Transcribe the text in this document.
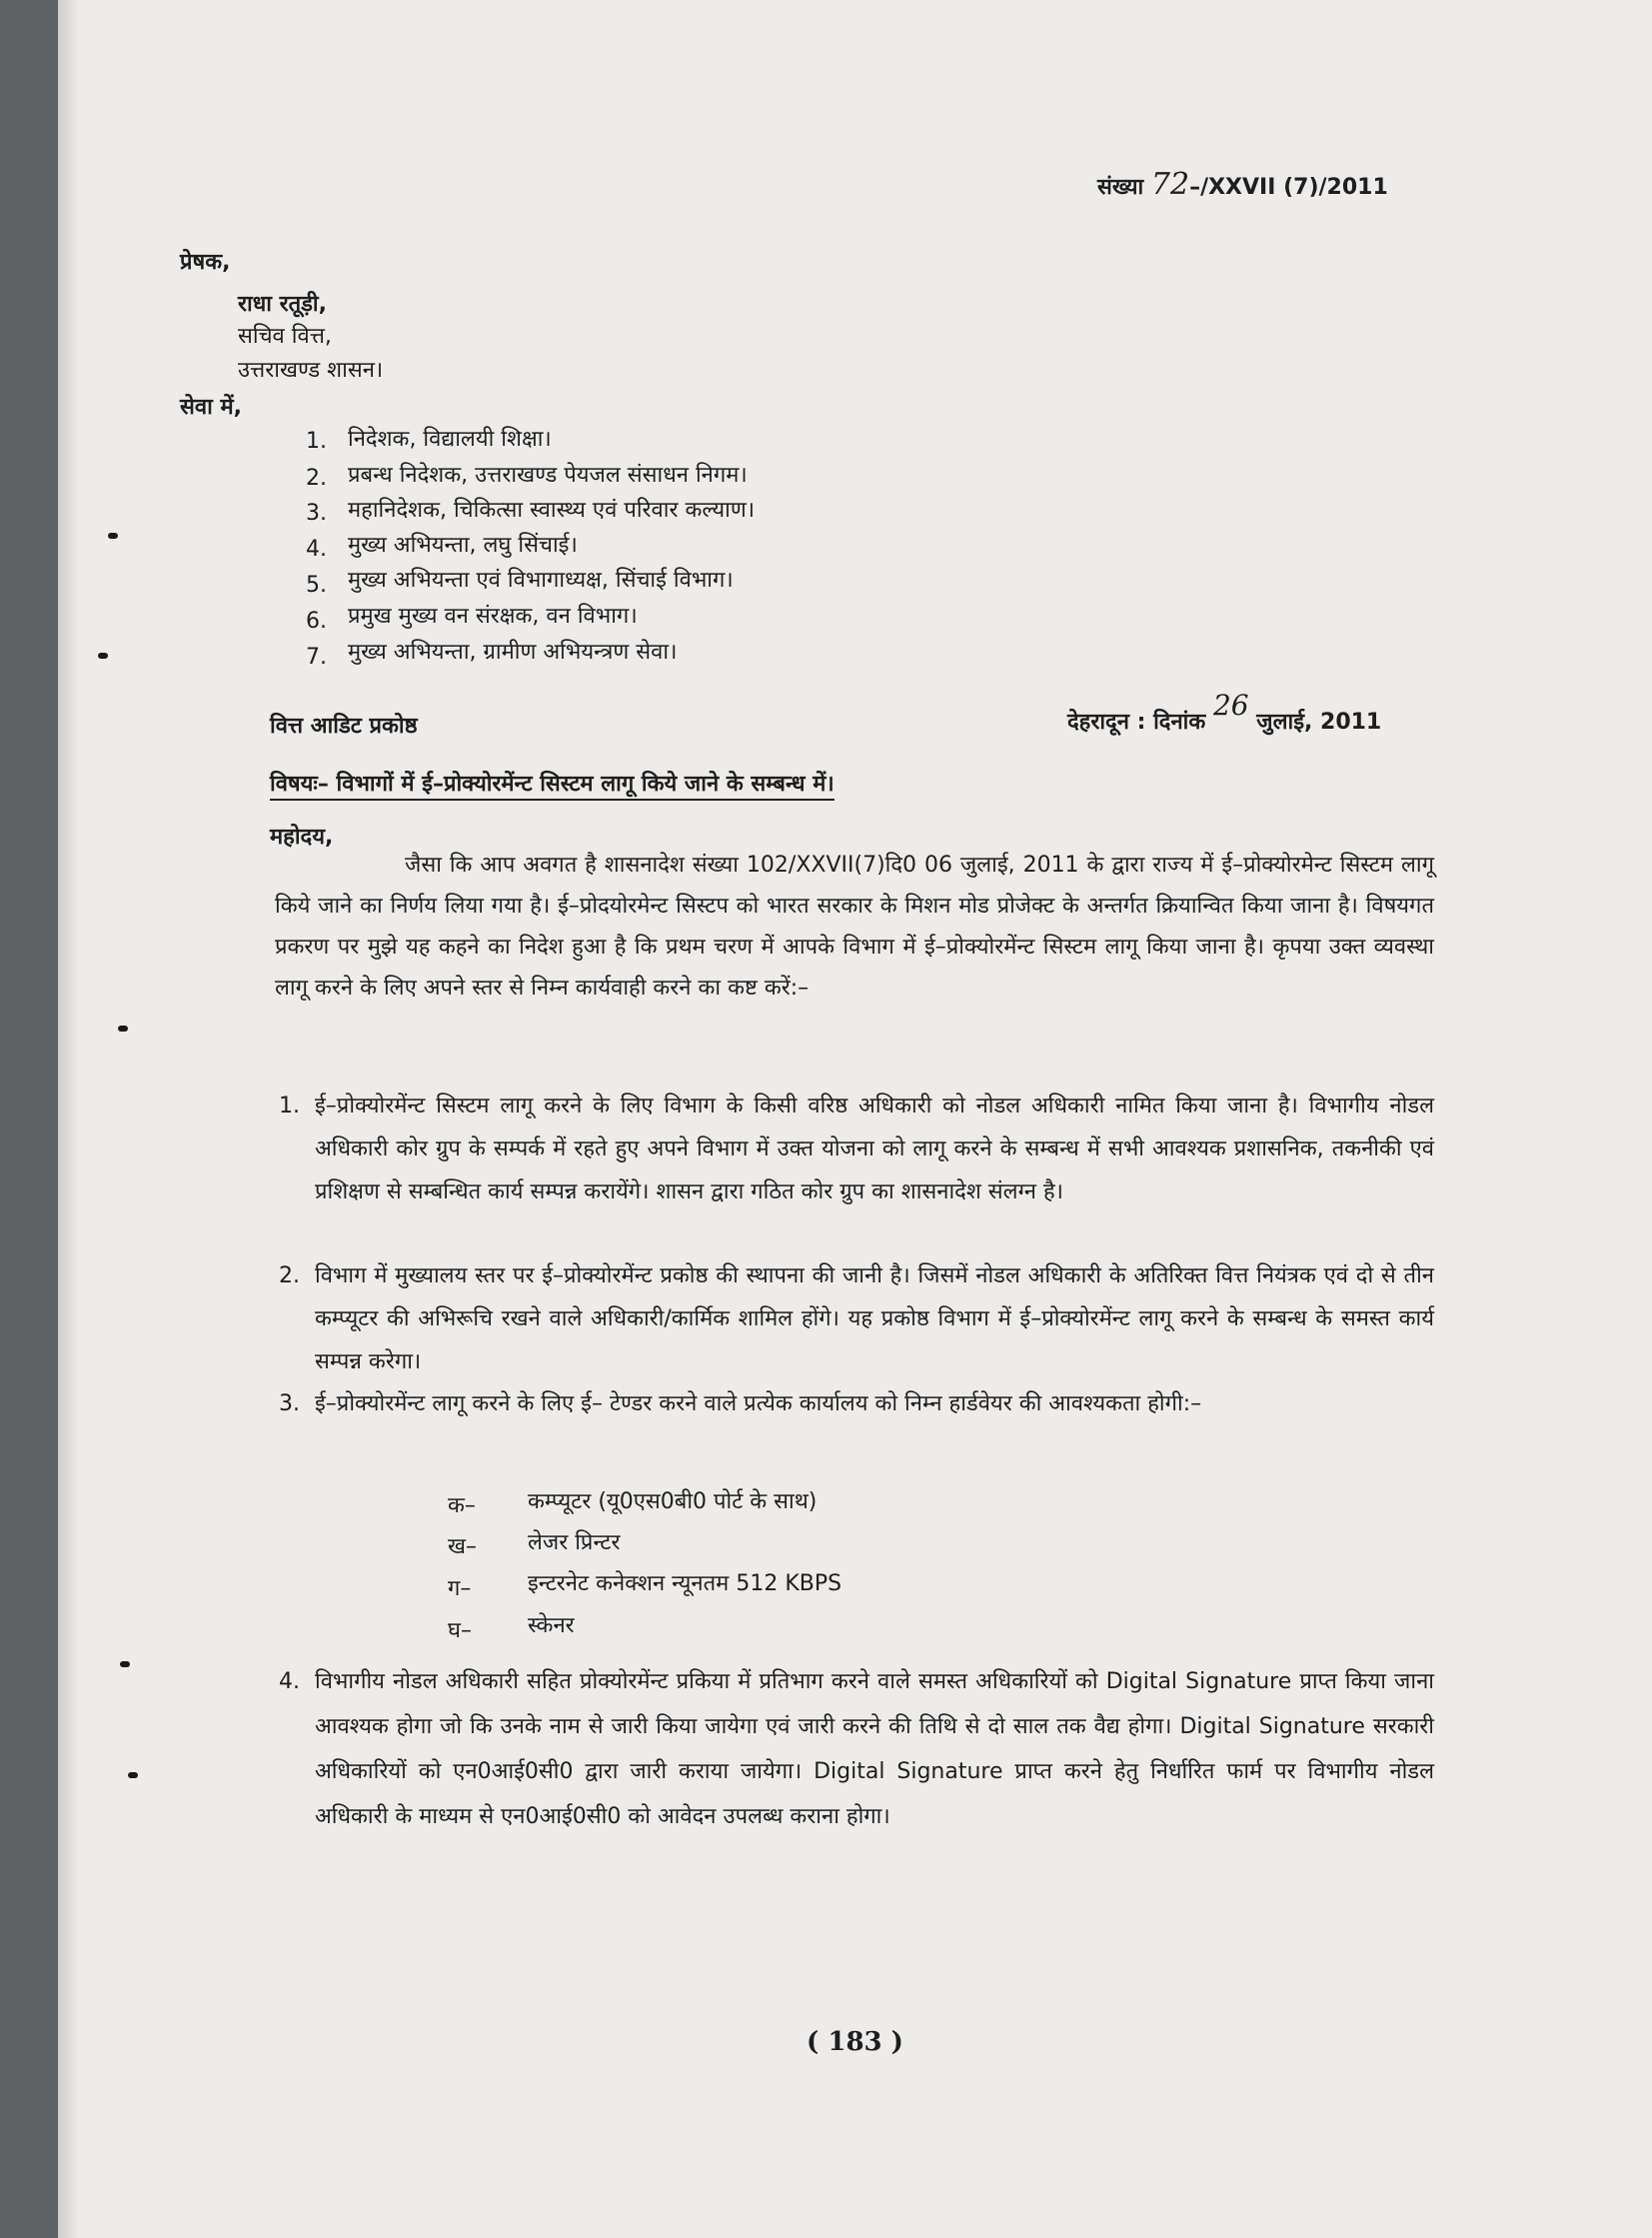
संख्या 72–/XXVII (7)/2011
प्रेषक,
राधा रतूड़ी,
सचिव वित्त,
उत्तराखण्ड शासन।
सेवा में,
1. निदेशक, विद्यालयी शिक्षा।
2. प्रबन्ध निदेशक, उत्तराखण्ड पेयजल संसाधन निगम।
3. महानिदेशक, चिकित्सा स्वास्थ्य एवं परिवार कल्याण।
4. मुख्य अभियन्ता, लघु सिंचाई।
5. मुख्य अभियन्ता एवं विभागाध्यक्ष, सिंचाई विभाग।
6. प्रमुख मुख्य वन संरक्षक, वन विभाग।
7. मुख्य अभियन्ता, ग्रामीण अभियन्त्रण सेवा।
वित्त आडिट प्रकोष्ठ	देहरादून : दिनांक 26 जुलाई, 2011
विषयः– विभागों में ई–प्रोक्योरमेंन्ट सिस्टम लागू किये जाने के सम्बन्ध में।
महोदय,

जैसा कि आप अवगत है शासनादेश संख्या 102/XXVII(7)दि0 06 जुलाई, 2011 के द्वारा राज्य में ई–प्रोक्योरमेन्ट सिस्टम लागू किये जाने का निर्णय लिया गया है। ई–प्रोदयोरमेन्ट सिस्टप को भारत सरकार के मिशन मोड प्रोजेक्ट के अन्तर्गत क्रियान्वित किया जाना है। विषयगत प्रकरण पर मुझे यह कहने का निदेश हुआ है कि प्रथम चरण में आपके विभाग में ई–प्रोक्योरमेंन्ट सिस्टम लागू किया जाना है। कृपया उक्त व्यवस्था लागू करने के लिए अपने स्तर से निम्न कार्यवाही करने का कष्ट करें:–

1. ई–प्रोक्योरमेंन्ट सिस्टम लागू करने के लिए विभाग के किसी वरिष्ठ अधिकारी को नोडल अधिकारी नामित किया जाना है। विभागीय नोडल अधिकारी कोर ग्रुप के सम्पर्क में रहते हुए अपने विभाग में उक्त योजना को लागू करने के सम्बन्ध में सभी आवश्यक प्रशासनिक, तकनीकी एवं प्रशिक्षण से सम्बन्धित कार्य सम्पन्न करायेंगे। शासन द्वारा गठित कोर ग्रुप का शासनादेश संलग्न है।
2. विभाग में मुख्यालय स्तर पर ई–प्रोक्योरमेंन्ट प्रकोष्ठ की स्थापना की जानी है। जिसमें नोडल अधिकारी के अतिरिक्त वित्त नियंत्रक एवं दो से तीन कम्प्यूटर की अभिरूचि रखने वाले अधिकारी/कार्मिक शामिल होंगे। यह प्रकोष्ठ विभाग में ई–प्रोक्योरमेंन्ट लागू करने के सम्बन्ध के समस्त कार्य सम्पन्न करेगा।
3. ई–प्रोक्योरमेंन्ट लागू करने के लिए ई– टेण्डर करने वाले प्रत्येक कार्यालय को निम्न हार्डवेयर की आवश्यकता होगी:–
क– कम्प्यूटर (यू0एस0बी0 पोर्ट के साथ)
ख– लेजर प्रिन्टर
ग–	इन्टरनेट कनेक्शन न्यूनतम 512 KBPS
घ–	स्केनर
4. विभागीय नोडल अधिकारी सहित प्रोक्योरमेंन्ट प्रकिया में प्रतिभाग करने वाले समस्त अधिकारियों को Digital Signature प्राप्त किया जाना आवश्यक होगा जो कि उनके नाम से जारी किया जायेगा एवं जारी करने की तिथि से दो साल तक वैद्य होगा। Digital Signature सरकारी अधिकारियों को एन0आई0सी0 द्वारा जारी कराया जायेगा। Digital Signature प्राप्त करने हेतु निर्धारित फार्म पर विभागीय नोडल अधिकारी के माध्यम से एन0आई0सी0 को आवेदन उपलब्ध कराना होगा।
( 183 )
